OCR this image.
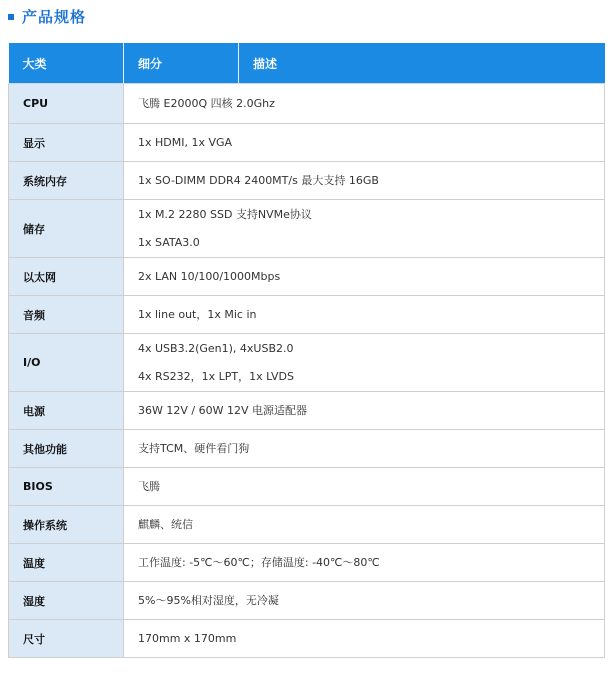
产品规格
大类	细分	描述
CPU	飞腾 E2000Q 四核 2.0Ghz	

显示	1x HDMI, 1x VGA	

系统内存	1x SO-DIMM DDR4 2400MT/s 最大支持 16GB	

储存	1x M.2 2280 SSD 支持NVMe协议
1x SATA3.0	

以太网	2x LAN 10/100/1000Mbps	

音频	1x line out，1x Mic in	

I/O	4x USB3.2(Gen1), 4xUSB2.0
4x RS232，1x LPT，1x LVDS	

电源	36W 12V / 60W 12V 电源适配器	

其他功能	支持TCM、硬件看门狗	

BIOS	飞腾	

操作系统	麒麟、统信	

温度	工作温度: -5℃～60℃；存储温度: -40℃～80℃	

湿度	5%～95%相对湿度，无冷凝	

尺寸	170mm x 170mm	
